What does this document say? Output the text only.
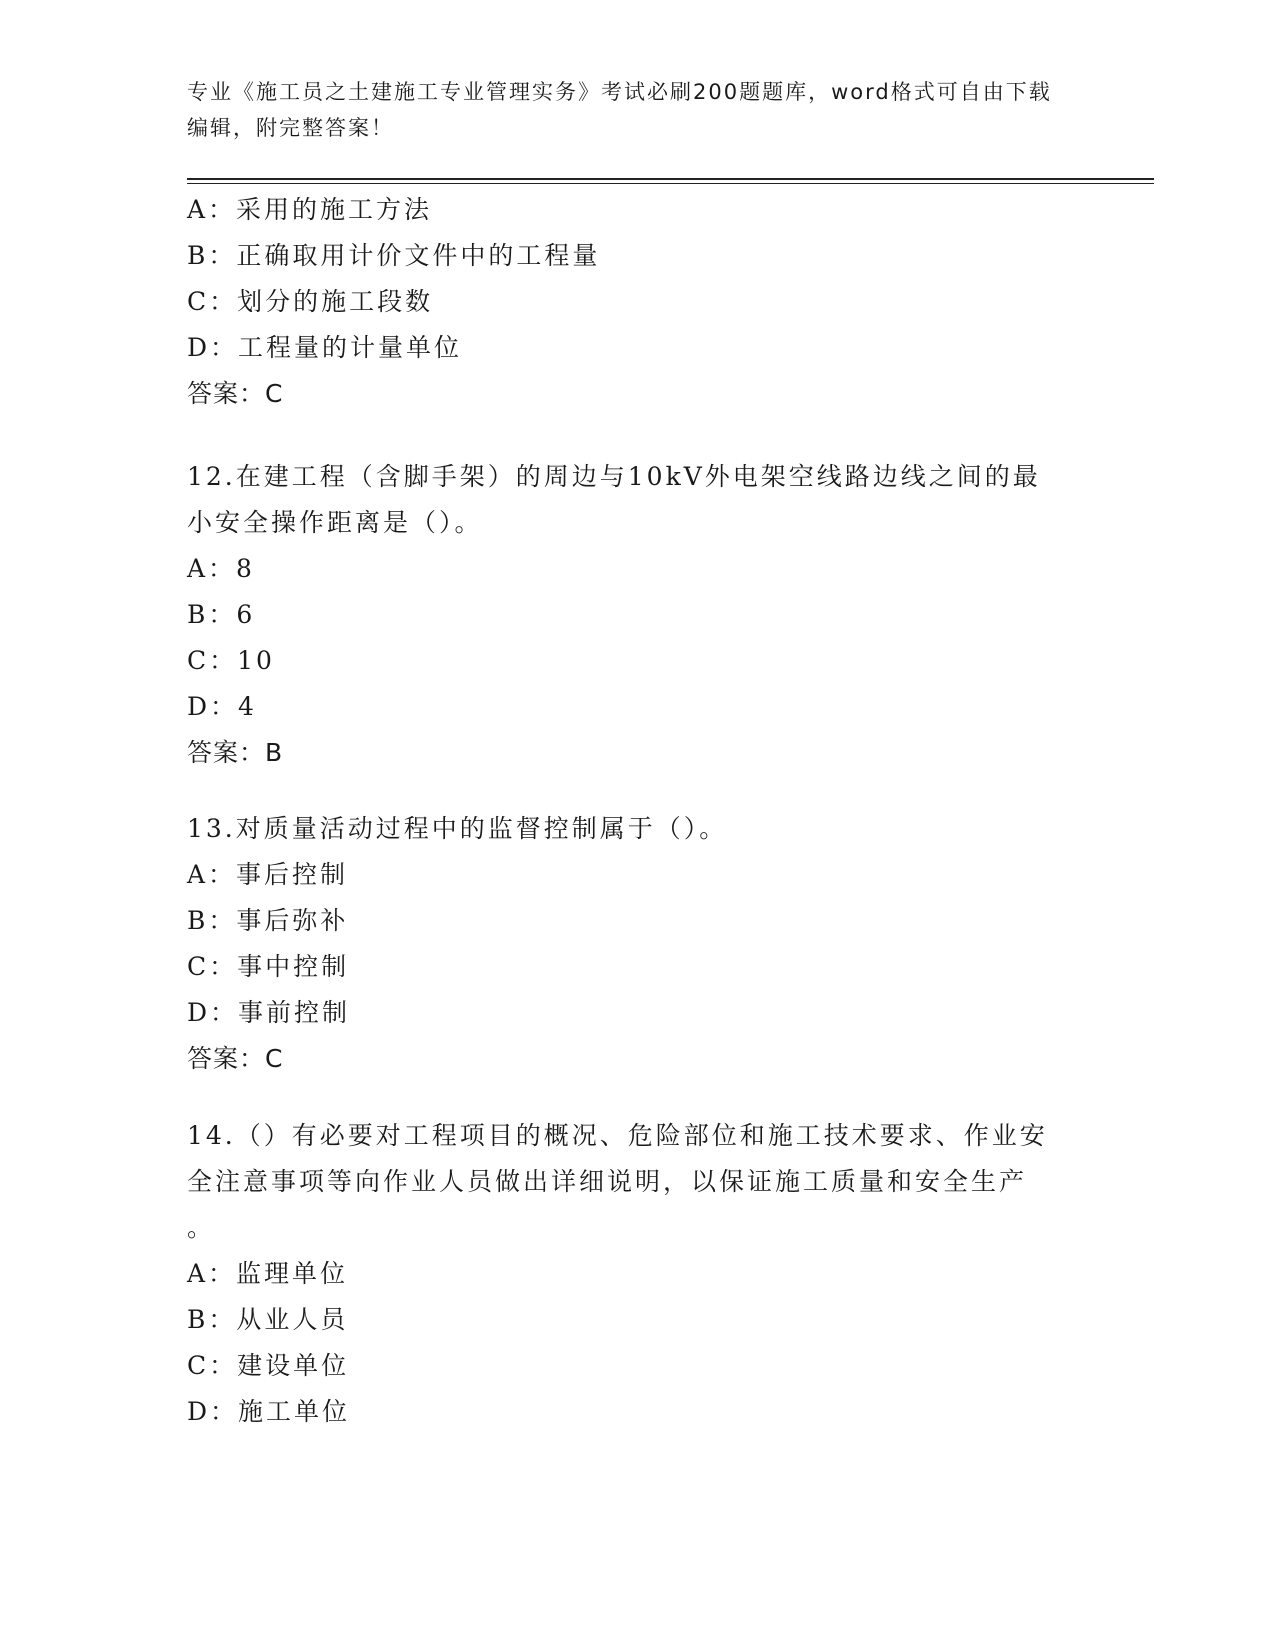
专业《施工员之土建施工专业管理实务》考试必刷200题题库，word格式可自由下载编辑，附完整答案！
A：采用的施工方法
B：正确取用计价文件中的工程量
C：划分的施工段数
D：工程量的计量单位
答案：C
12.在建工程（含脚手架）的周边与10kV外电架空线路边线之间的最
小安全操作距离是（）。
A：8
B：6
C：10
D：4
答案：B
13.对质量活动过程中的监督控制属于（）。
A：事后控制
B：事后弥补
C：事中控制
D：事前控制
答案：C
14.（）有必要对工程项目的概况、危险部位和施工技术要求、作业安
全注意事项等向作业人员做出详细说明，以保证施工质量和安全生产
。
A：监理单位
B：从业人员
C：建设单位
D：施工单位
